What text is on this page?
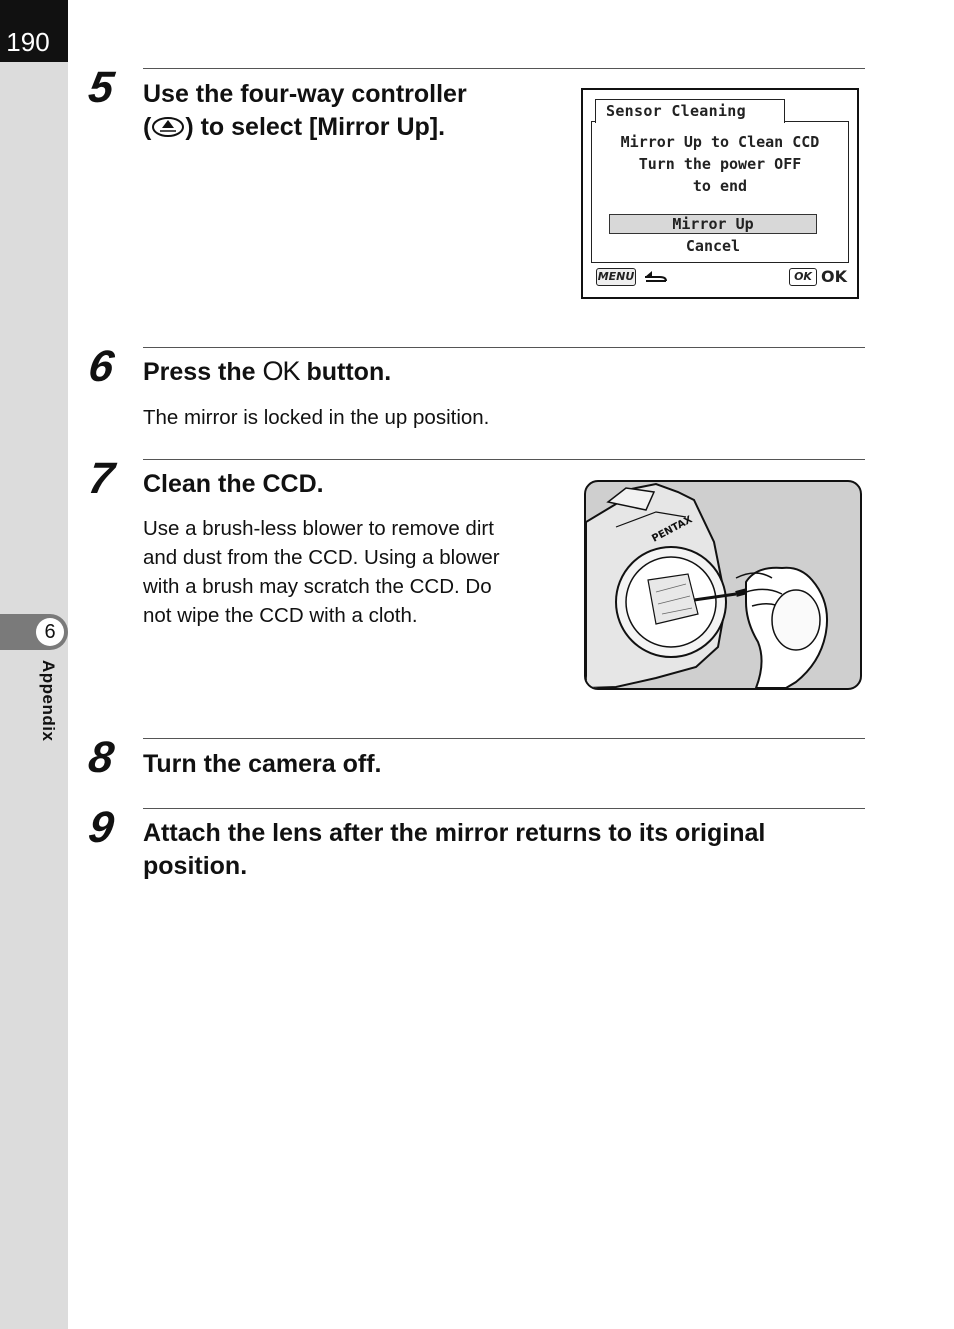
190
6
Appendix
5 Use the four-way controller
( ) to select [Mirror Up].
Sensor Cleaning
Mirror Up to Clean CCD
Turn the power OFF
to end
Mirror Up
Cancel
MENU	OK OK
6 Press the OK button.
The mirror is locked in the up position.
7 Clean the CCD.
Use a brush-less blower to remove dirt
and dust from the CCD. Using a blower
with a brush may scratch the CCD. Do
not wipe the CCD with a cloth.
PENTAX
8 Turn the camera off.
9 Attach the lens after the mirror returns to its original
position.
